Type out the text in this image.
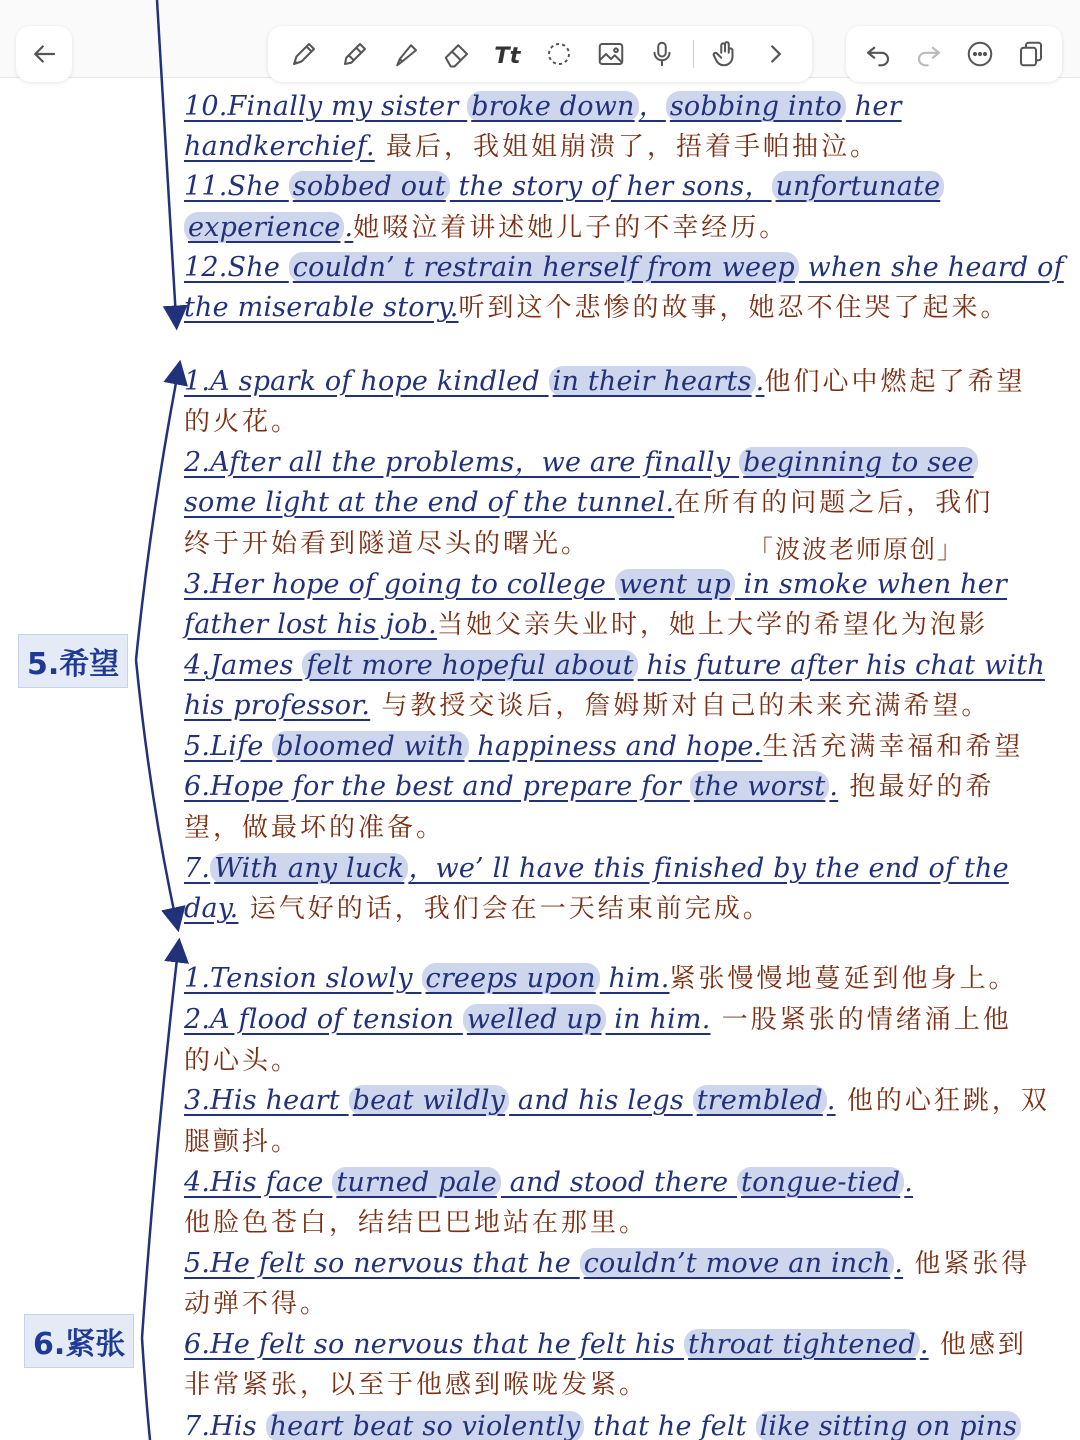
Tt
10.Finally my sister broke down ， sobbing into her
handkerchief. 最后，我姐姐崩溃了，捂着手帕抽泣。
11.She sobbed out the story of her sons， unfortunate
experience .她啜泣着讲述她儿子的不幸经历。
12.She couldn’ t restrain herself from weep when she heard of
the miserable story.听到这个悲惨的故事，她忍不住哭了起来。
1.A spark of hope kindled in their hearts .他们心中燃起了希望
的火花。
2.After all the problems，we are finally beginning to see
some light at the end of the tunnel.在所有的问题之后，我们
终于开始看到隧道尽头的曙光。
3.Her hope of going to college went up in smoke when her
father lost his job.当她父亲失业时，她上大学的希望化为泡影
4.James felt more hopeful about his future after his chat with
his professor. 与教授交谈后，詹姆斯对自己的未来充满希望。
5.Life bloomed with happiness and hope.生活充满幸福和希望
6.Hope for the best and prepare for the worst . 抱最好的希
望，做最坏的准备。
7. With any luck ，we’ ll have this finished by the end of the
day. 运气好的话，我们会在一天结束前完成。
1.Tension slowly creeps upon him.紧张慢慢地蔓延到他身上。
2.A flood of tension welled up in him. 一股紧张的情绪涌上他
的心头。
3.His heart beat wildly and his legs trembled . 他的心狂跳，双
腿颤抖。
4.His face turned pale and stood there tongue-tied .
他脸色苍白，结结巴巴地站在那里。
5.He felt so nervous that he couldn’t move an inch . 他紧张得
动弹不得。
6.He felt so nervous that he felt his throat tightened . 他感到
非常紧张，以至于他感到喉咙发紧。
7.His heart beat so violently that he felt like sitting on pins
5.希望
6.紧张
「波波老师原创」
